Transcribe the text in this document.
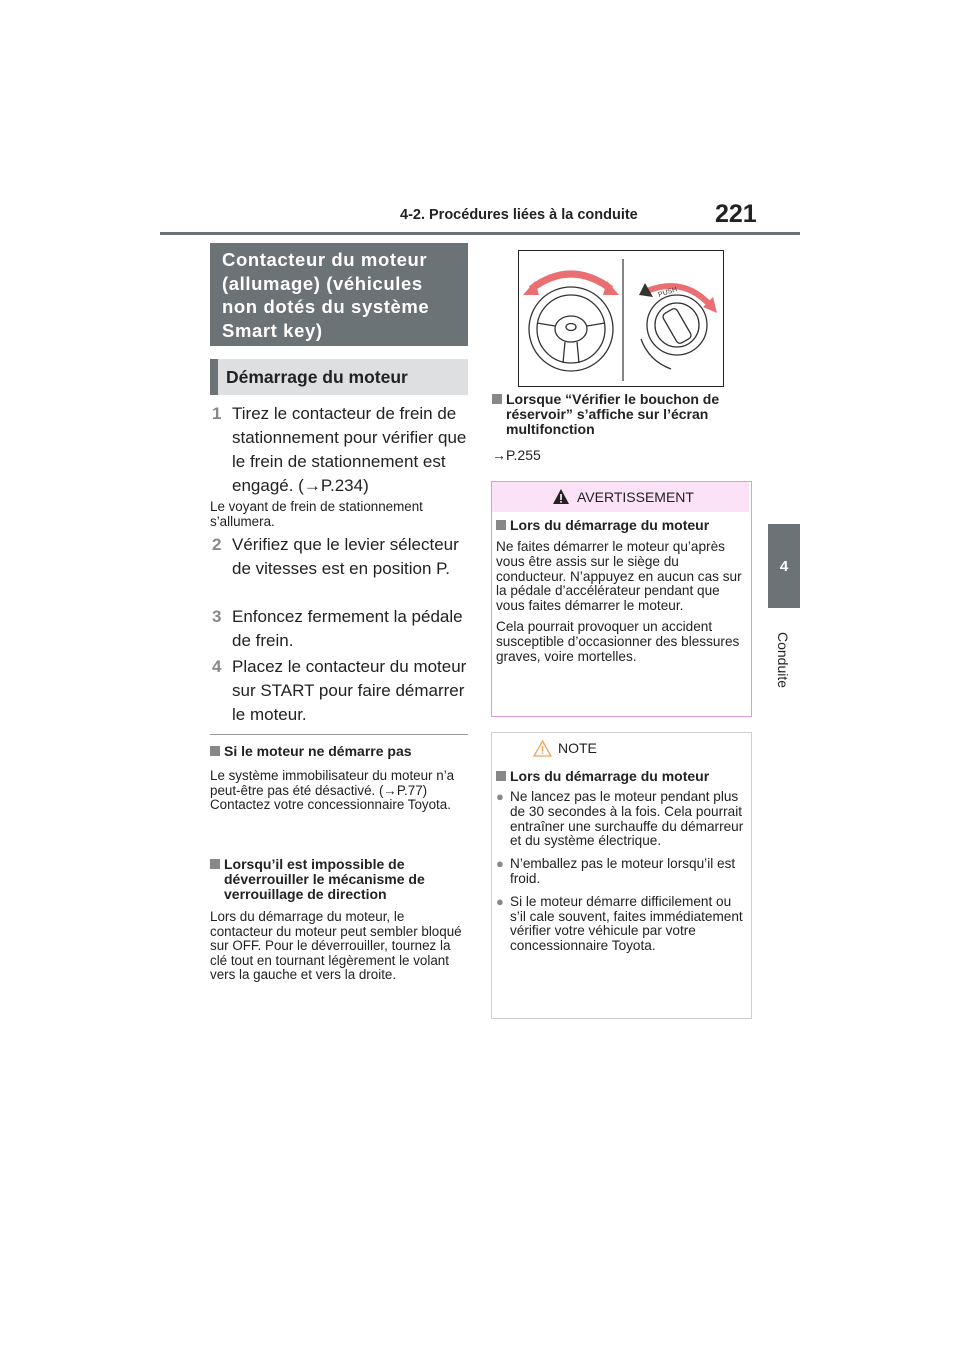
4-2. Procédures liées à la conduite	221
4
Conduite
Contacteur du moteur (allumage) (véhicules non dotés du système Smart key)
Démarrage du moteur
1 Tirez le contacteur de frein de stationnement pour vérifier que le frein de stationnement est engagé. (→P.234)
Le voyant de frein de stationnement s’allumera.
2 Vérifiez que le levier sélecteur de vitesses est en position P.
3 Enfoncez fermement la pédale de frein.
4 Placez le contacteur du moteur sur START pour faire démarrer le moteur.
Si le moteur ne démarre pas
Le système immobilisateur du moteur n’a peut-être pas été désactivé. (→P.77) Contactez votre concessionnaire Toyota.
Lorsqu’il est impossible de déverrouiller le mécanisme de verrouillage de direction
Lors du démarrage du moteur, le contacteur du moteur peut sembler bloqué sur OFF. Pour le déverrouiller, tournez la clé tout en tournant légèrement le volant vers la gauche et vers la droite.
PUSH
Lorsque “Vérifier le bouchon de réservoir” s’affiche sur l’écran multifonction
→P.255
AVERTISSEMENT
Lors du démarrage du moteur
Ne faites démarrer le moteur qu’après vous être assis sur le siège du conducteur. N’appuyez en aucun cas sur la pédale d’accélérateur pendant que vous faites démarrer le moteur.
Cela pourrait provoquer un accident susceptible d’occasionner des blessures graves, voire mortelles.
NOTE
Lors du démarrage du moteur
● Ne lancez pas le moteur pendant plus de 30 secondes à la fois. Cela pourrait entraîner une surchauffe du démarreur et du système électrique.
● N’emballez pas le moteur lorsqu’il est froid.
● Si le moteur démarre difficilement ou s’il cale souvent, faites immédiatement vérifier votre véhicule par votre concessionnaire Toyota.
